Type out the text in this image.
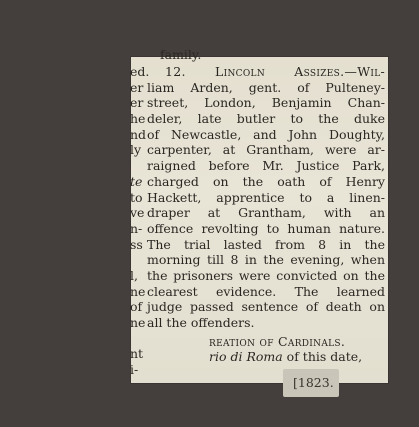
family.
ed.
er
er
he
nd
ly
te
to
ve
n-
ss
l,
ne
of
ne
nt
i-
12. Lincoln Assizes.—Wil-
liam Arden, gent. of Pulteney-
street, London, Benjamin Chan-
deler, late butler to the duke
of Newcastle, and John Doughty,
carpenter, at Grantham, were ar-
raigned before Mr. Justice Park,
charged on the oath of Henry
Hackett, apprentice to a linen-
draper at Grantham, with an
offence revolting to human nature.
The trial lasted from 8 in the
morning till 8 in the evening, when
the prisoners were convicted on the
clearest evidence. The learned
judge passed sentence of death on
all the offenders.
reation of Cardinals.
rio di Roma of this date,
[1823.
